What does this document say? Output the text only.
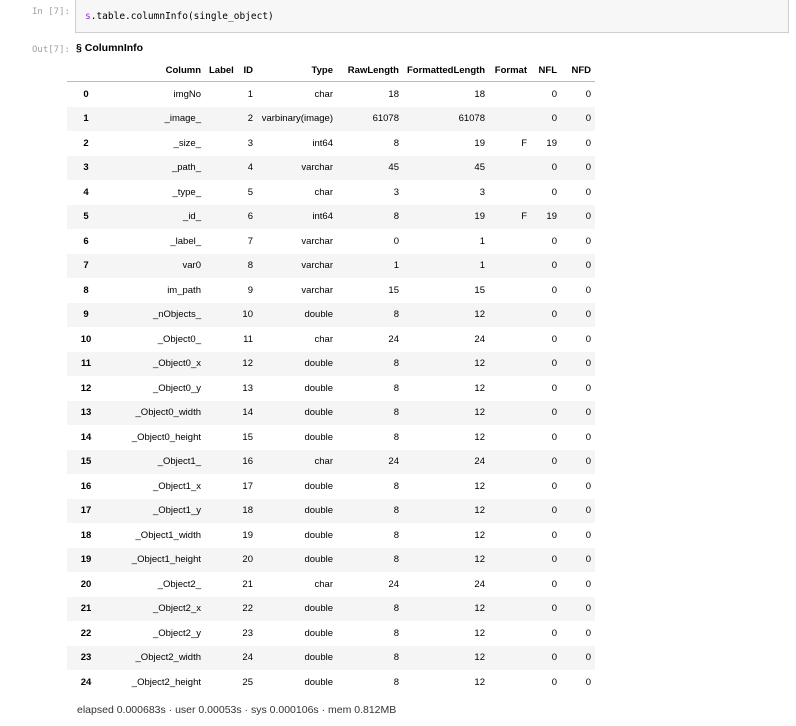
In [7]:	s.table.columnInfo(single_object)
Out[7]: § ColumnInfo
	Column	Label	ID	Type	RawLength	FormattedLength	Format	NFL	NFD
0	imgNo		1	char	18	18		0	0
1	_image_		2	varbinary(image)	61078	61078		0	0
2	_size_		3	int64	8	19	F	19	0
3	_path_		4	varchar	45	45		0	0
4	_type_		5	char	3	3		0	0
5	_id_		6	int64	8	19	F	19	0
6	_label_		7	varchar	0	1		0	0
7	var0		8	varchar	1	1		0	0
8	im_path		9	varchar	15	15		0	0
9	_nObjects_		10	double	8	12		0	0
10	_Object0_		11	char	24	24		0	0
11	_Object0_x		12	double	8	12		0	0
12	_Object0_y		13	double	8	12		0	0
13	_Object0_width		14	double	8	12		0	0
14	_Object0_height		15	double	8	12		0	0
15	_Object1_		16	char	24	24		0	0
16	_Object1_x		17	double	8	12		0	0
17	_Object1_y		18	double	8	12		0	0
18	_Object1_width		19	double	8	12		0	0
19	_Object1_height		20	double	8	12		0	0
20	_Object2_		21	char	24	24		0	0
21	_Object2_x		22	double	8	12		0	0
22	_Object2_y		23	double	8	12		0	0
23	_Object2_width		24	double	8	12		0	0
24	_Object2_height		25	double	8	12		0	0
elapsed 0.000683s · user 0.00053s · sys 0.000106s · mem 0.812MB
